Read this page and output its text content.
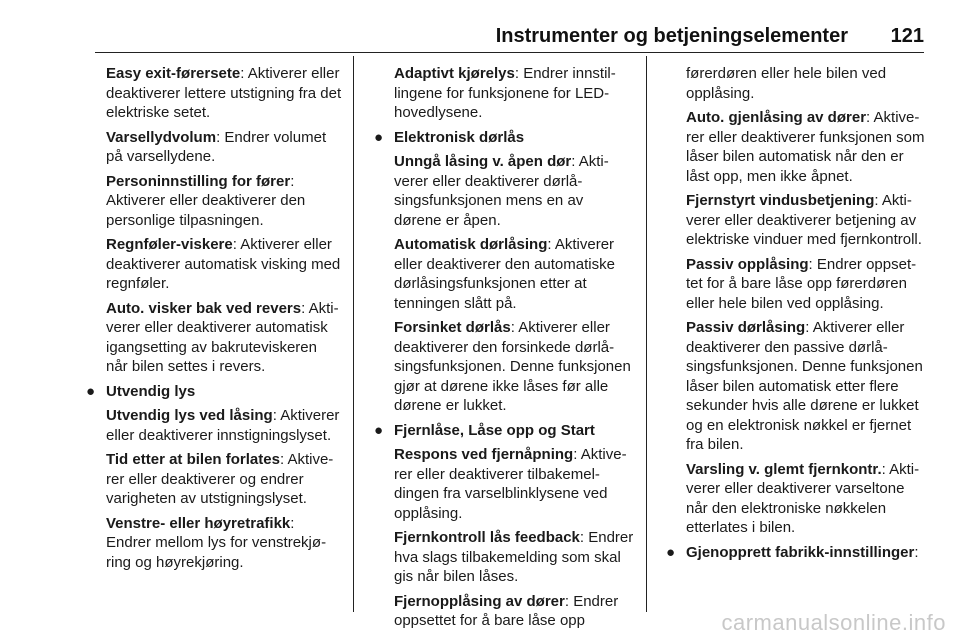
Instrumenter og betjeningselementer 121
Easy exit-førersete: Aktiverer eller deaktiverer lettere utstigning fra det elektriske setet.
Varsellydvolum: Endrer volumet på varsellydene.
Personinnstilling for fører: Aktiverer eller deaktiverer den personlige tilpasningen.
Regnføler-viskere: Aktiverer eller deaktiverer automatisk visking med regnføler.
Auto. visker bak ved revers: Aktiverer eller deaktiverer automatisk igangsetting av bakruteviskeren når bilen settes i revers.
● Utvendig lys
Utvendig lys ved låsing: Aktiverer eller deaktiverer innstigningslyset.
Tid etter at bilen forlates: Aktiverer eller deaktiverer og endrer varigheten av utstigningslyset.
Venstre- eller høyretrafikk: Endrer mellom lys for venstrekjøring og høyrekjøring.
Adaptivt kjørelys: Endrer innstillingene for funksjonene for LED-hovedlysene.
● Elektronisk dørlås
Unngå låsing v. åpen dør: Aktiverer eller deaktiverer dørlåsingsfunksjonen mens en av dørene er åpen.
Automatisk dørlåsing: Aktiverer eller deaktiverer den automatiske dørlåsingsfunksjonen etter at tenningen slått på.
Forsinket dørlås: Aktiverer eller deaktiverer den forsinkede dørlåsingsfunksjonen. Denne funksjonen gjør at dørene ikke låses før alle dørene er lukket.
● Fjernlåse, Låse opp og Start
Respons ved fjernåpning: Aktiverer eller deaktiverer tilbakemeldingen fra varselblinklysene ved opplåsing.
Fjernkontroll lås feedback: Endrer hva slags tilbakemelding som skal gis når bilen låses.
Fjernopplåsing av dører: Endrer oppsettet for å bare låse opp
førerdøren eller hele bilen ved opplåsing.
Auto. gjenlåsing av dører: Aktiverer eller deaktiverer funksjonen som låser bilen automatisk når den er låst opp, men ikke åpnet.
Fjernstyrt vindusbetjening: Aktiverer eller deaktiverer betjening av elektriske vinduer med fjernkontroll.
Passiv opplåsing: Endrer oppsettet for å bare låse opp førerdøren eller hele bilen ved opplåsing.
Passiv dørlåsing: Aktiverer eller deaktiverer den passive dørlåsingsfunksjonen. Denne funksjonen låser bilen automatisk etter flere sekunder hvis alle dørene er lukket og en elektronisk nøkkel er fjernet fra bilen.
Varsling v. glemt fjernkontr.: Aktiverer eller deaktiverer varseltone når den elektroniske nøkkelen etterlates i bilen.
● Gjenopprett fabrikk-innstillinger:
carmanualsonline.info
